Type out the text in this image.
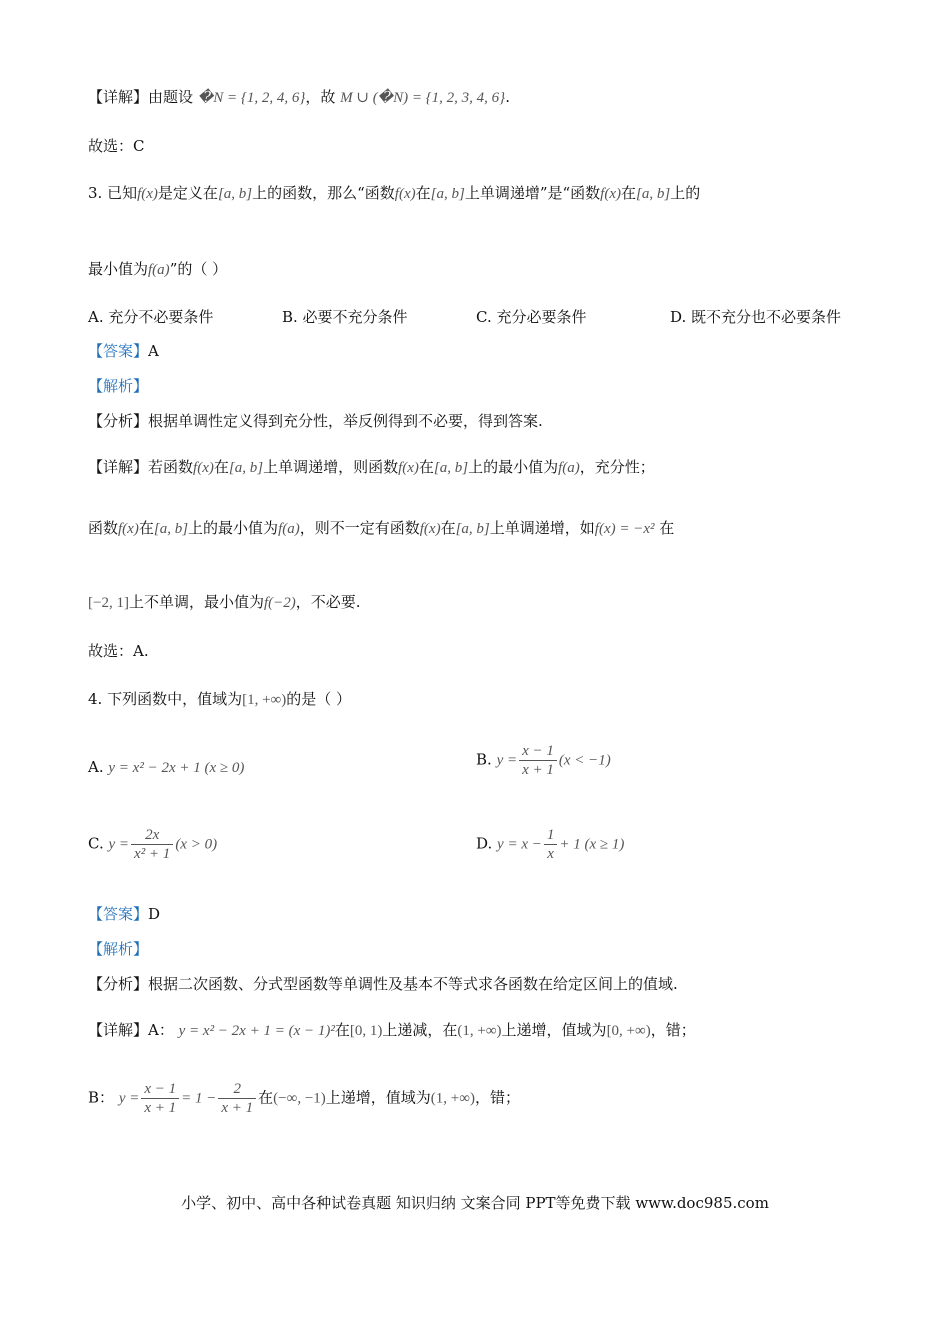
【详解】由题设 �N = {1, 2, 4, 6}，故 M ∪ (�N) = {1, 2, 3, 4, 6}.
故选：C
3. 已知f(x)是定义在[a, b]上的函数，那么“函数f(x)在[a, b]上单调递增”是“函数f(x)在[a, b]上的
最小值为f(a)”的（ ）
A. 充分不必要条件	B. 必要不充分条件	C. 充分必要条件	D. 既不充分也不必要条件
【答案】A
【解析】
【分析】根据单调性定义得到充分性，举反例得到不必要，得到答案.
【详解】若函数f(x)在[a, b]上单调递增，则函数f(x)在[a, b]上的最小值为f(a)，充分性；
函数f(x)在[a, b]上的最小值为f(a)，则不一定有函数f(x)在[a, b]上单调递增，如f(x) = −x² 在
[−2, 1]上不单调，最小值为f(−2)，不必要.
故选：A.
4. 下列函数中，值域为[1, +∞)的是（ ）
A. y = x² − 2x + 1 (x ≥ 0)	B. $y = \frac{x - 1}{x + 1} (x < -1)$
C. $y = \frac{2x}{\text{x² + 1}} (x > 0)$	D. $y = x - \frac{1}{x} + 1$ (x ≥ 1)
【答案】D
【解析】
【分析】根据二次函数、分式型函数等单调性及基本不等式求各函数在给定区间上的值域.
【详解】A： y = x² − 2x + 1 = (x − 1)²在[0, 1)上递减，在(1, +∞)上递增，值域为[0, +∞)，错；
B： $y = \frac{x - 1}{x + 1} = 1 - \frac{2}{x + 1}$ 在(−∞, −1)上递增，值域为(1, +∞)，错；
小学、初中、高中各种试卷真题 知识归纳 文案合同 PPT等免费下载 www.doc985.com
